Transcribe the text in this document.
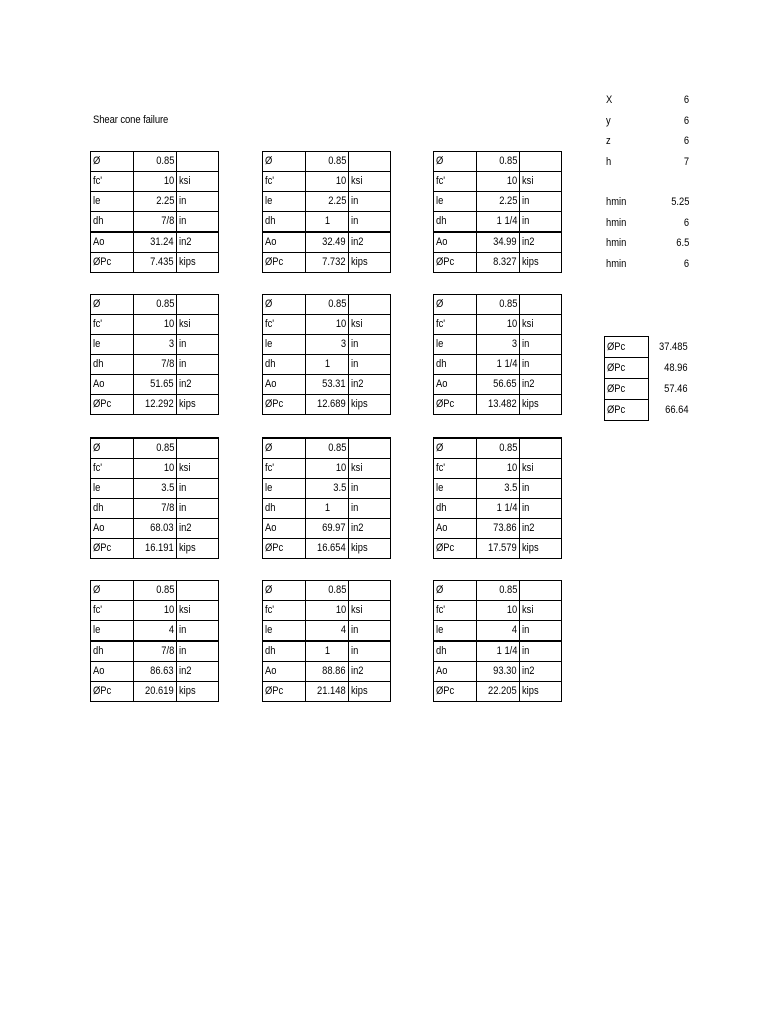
Shear cone failure
Ø	0.85	
fc'	10	ksi
le	2.25	in
dh	7/8	in
Ao	31.24	in2
ØPc	7.435	kips
Ø	0.85	
fc'	10	ksi
le	2.25	in
dh	1	in
Ao	32.49	in2
ØPc	7.732	kips
Ø	0.85	
fc'	10	ksi
le	2.25	in
dh	1 1/4	in
Ao	34.99	in2
ØPc	8.327	kips
Ø	0.85	
fc'	10	ksi
le	3	in
dh	7/8	in
Ao	51.65	in2
ØPc	12.292	kips
Ø	0.85	
fc'	10	ksi
le	3	in
dh	1	in
Ao	53.31	in2
ØPc	12.689	kips
Ø	0.85	
fc'	10	ksi
le	3	in
dh	1 1/4	in
Ao	56.65	in2
ØPc	13.482	kips
Ø	0.85	
fc'	10	ksi
le	3.5	in
dh	7/8	in
Ao	68.03	in2
ØPc	16.191	kips
Ø	0.85	
fc'	10	ksi
le	3.5	in
dh	1	in
Ao	69.97	in2
ØPc	16.654	kips
Ø	0.85	
fc'	10	ksi
le	3.5	in
dh	1 1/4	in
Ao	73.86	in2
ØPc	17.579	kips
Ø	0.85	
fc'	10	ksi
le	4	in
dh	7/8	in
Ao	86.63	in2
ØPc	20.619	kips
Ø	0.85	
fc'	10	ksi
le	4	in
dh	1	in
Ao	88.86	in2
ØPc	21.148	kips
Ø	0.85	
fc'	10	ksi
le	4	in
dh	1 1/4	in
Ao	93.30	in2
ØPc	22.205	kips
X	6
y	6
z	6
h	7
hmin	5.25
hmin	6
hmin	6.5
hmin	6
ØPc	37.485
ØPc	48.96
ØPc	57.46
ØPc	66.64
